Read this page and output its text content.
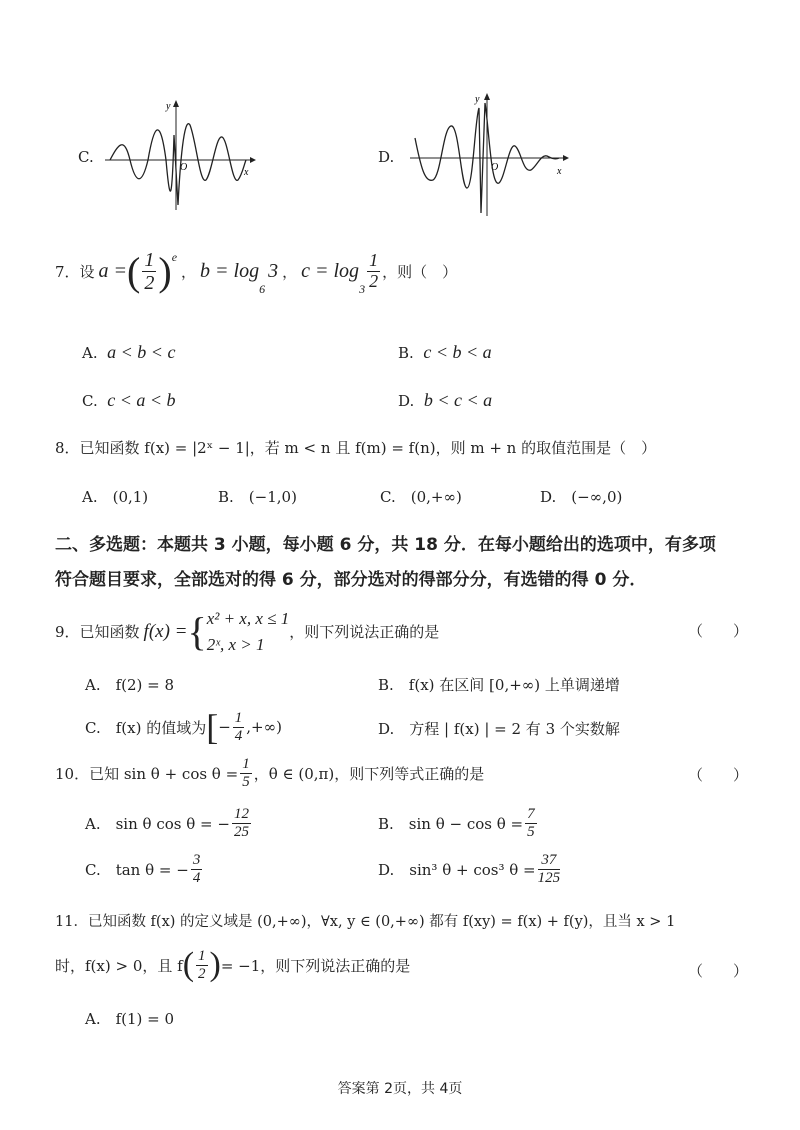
C.
y
x
O
D.
y
x
O
7．设 a = ( $\frac{1}{2}$ ) e
， b = log
6
3 ， c = log
$3 \frac{1}{2}$ ，则（　）
A. a < b < c	B. c < b < a
C. c < a < b	D. b < c < a
8．已知函数 f(x) = |2ˣ − 1|，若 m < n 且 f(m) = f(n)，则 m + n 的取值范围是（　）
A.　(0,1)	B.　(−1,0)	C.　(0,+∞)	D.　(−∞,0)
二、多选题：本题共 3 小题，每小题 6 分，共 18 分．在每小题给出的选项中，有多项
符合题目要求，全部选对的得 6 分，部分选对的得部分分，有选错的得 0 分．
9．已知函数 f(x) = { x² + x, x ≤ 1
2ˣ, x > 1
，则下列说法正确的是	（　　）
A.　f(2) = 8	B.　f(x) 在区间 [0,+∞) 上单调递增
C.　f(x) 的值域为 [ − $\frac{1}{4}$ ,+∞)	D.　方程 | f(x) | = 2 有 3 个实数解
10．已知 $\sin \theta + \cos \theta = \frac{1}{5}$ ，θ ∈ (0,π)，则下列等式正确的是	（　　）
A.　sin θ cos θ = − $\frac{12}{25}$	B.　$\sin \theta - \cos \theta = \frac{7}{5}$
C.　tan θ = − $\frac{3}{4}$	D.　sin³ θ + cos³ $\theta = \frac{37}{125}$
11．已知函数 f(x) 的定义域是 (0,+∞)，∀x, y ∈ (0,+∞) 都有 f(xy) = f(x) + f(y)，且当 x > 1
时，f(x) > 0，且 f ( $\frac{1}{2}$ ) = −1，则下列说法正确的是	（　　）
A.　f(1) = 0
答案第 2页，共 4页
